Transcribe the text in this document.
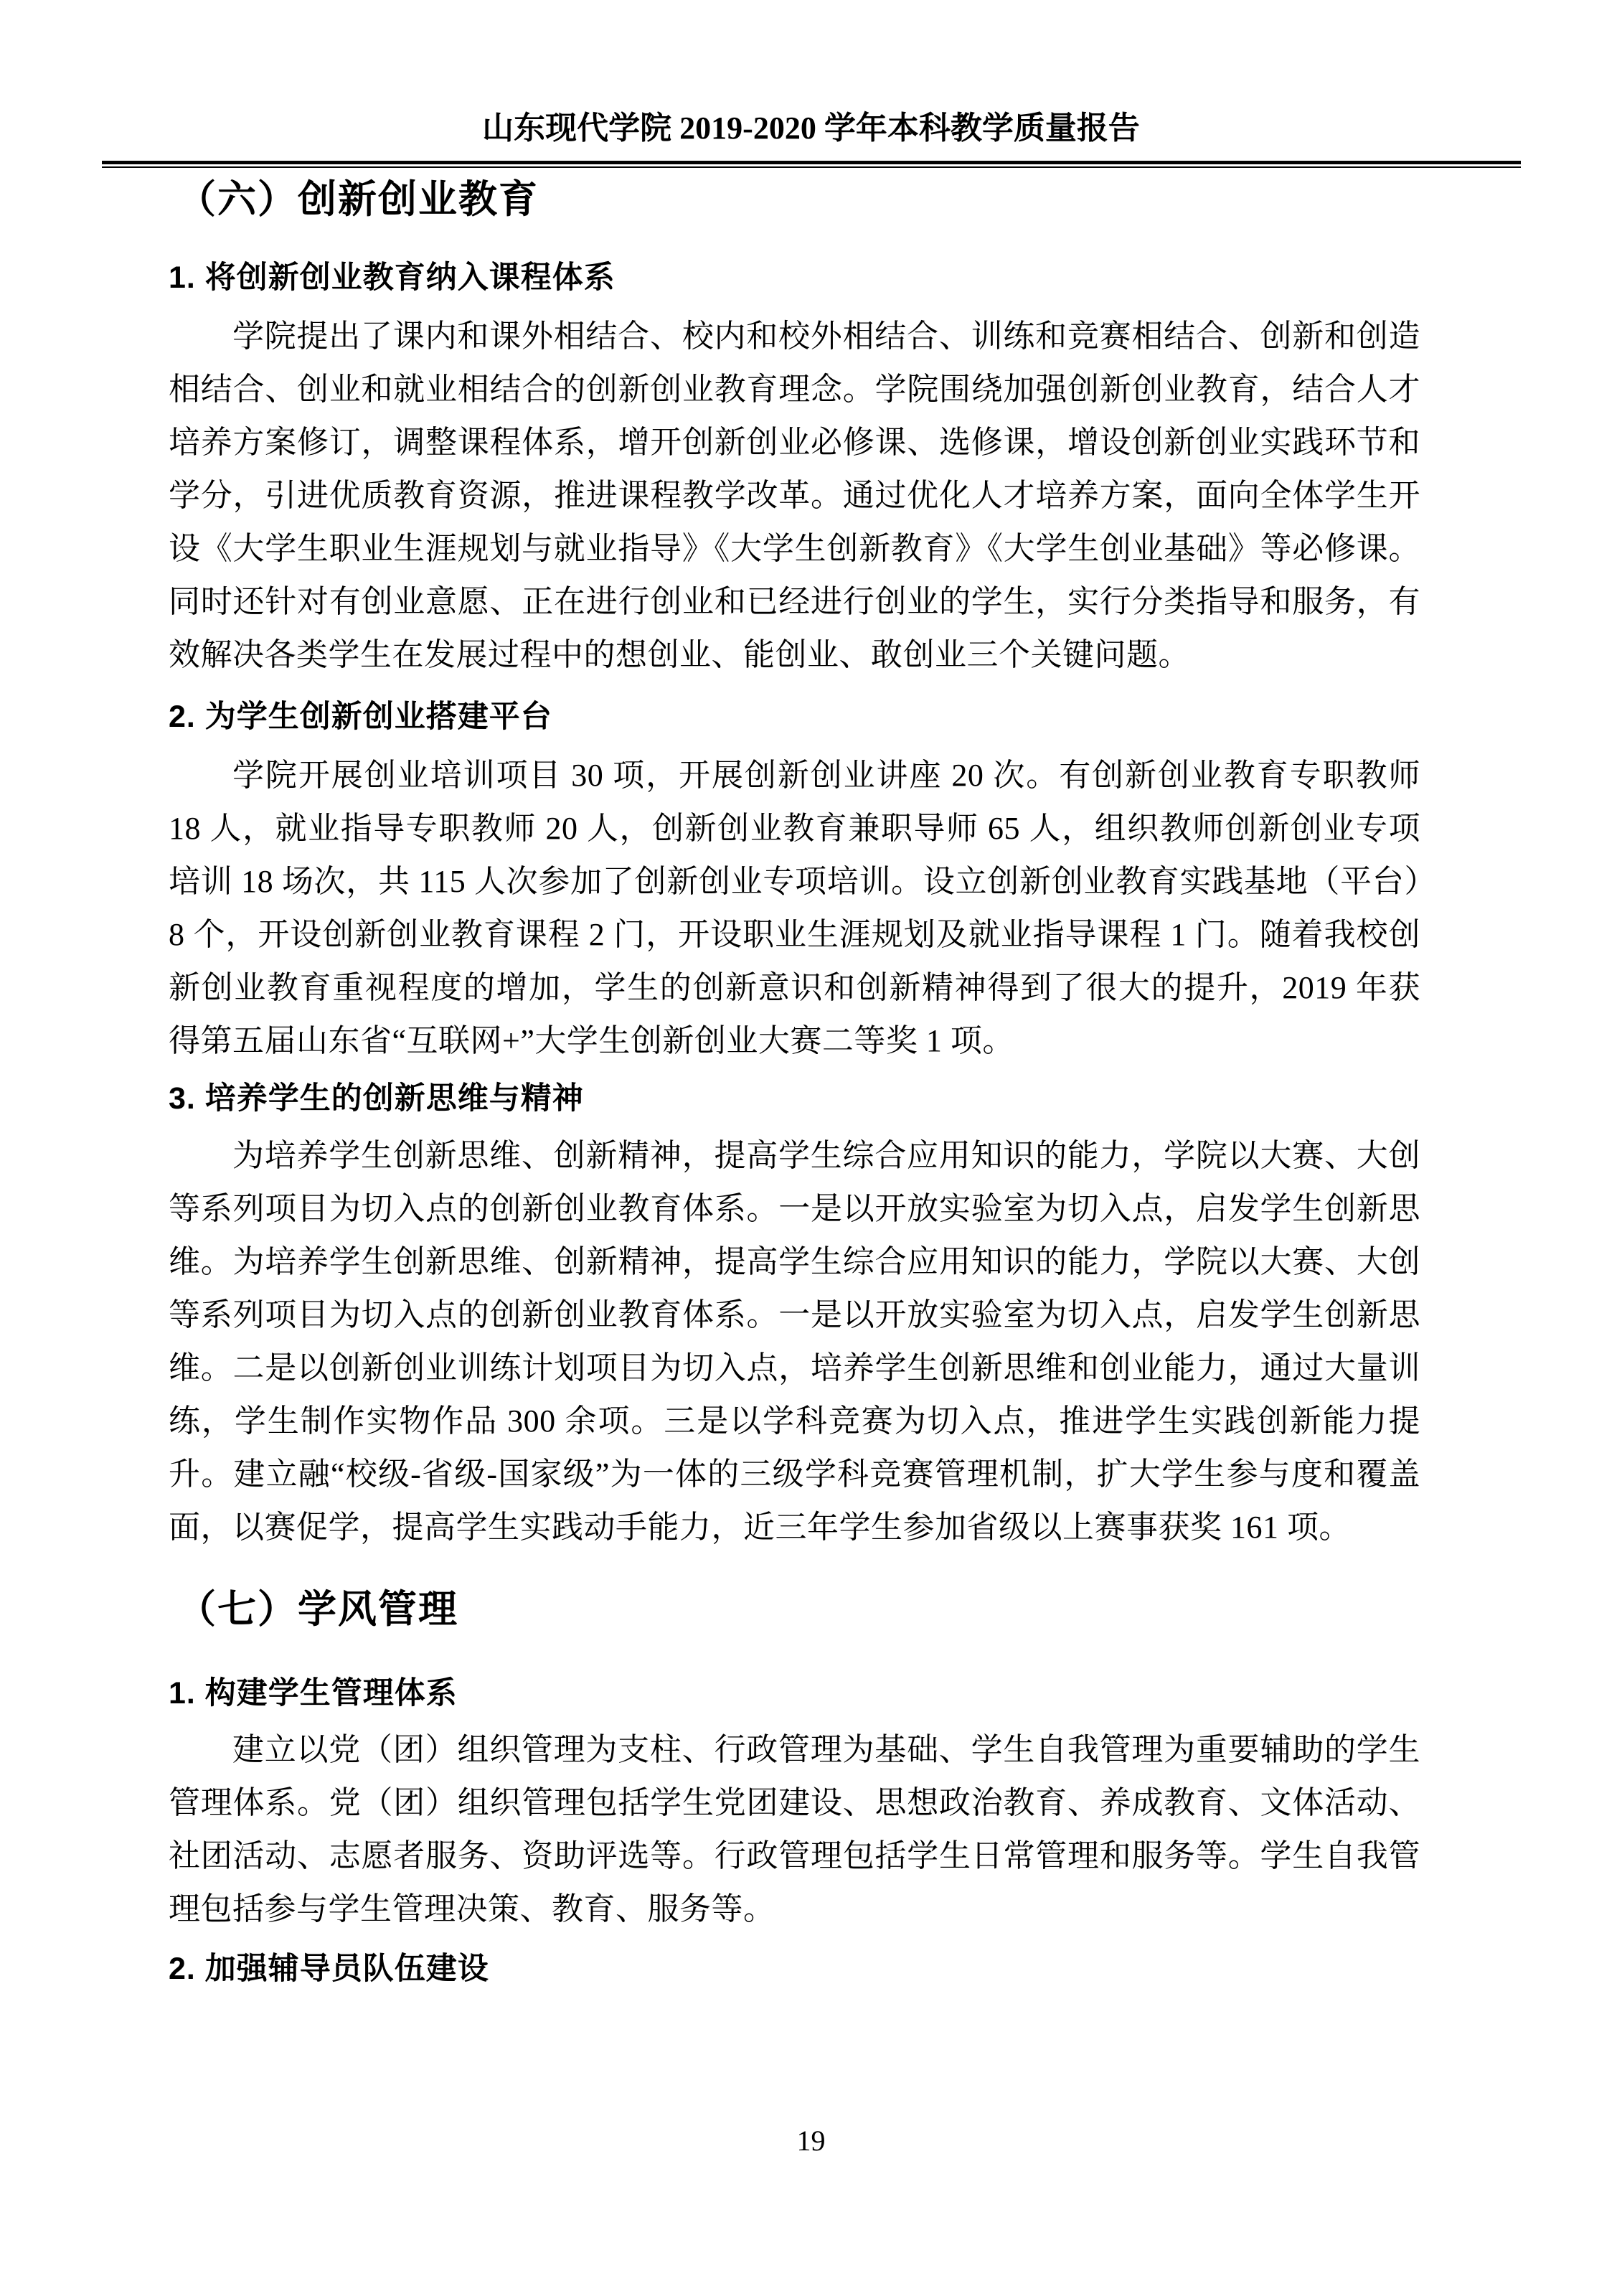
山东现代学院 2019-2020 学年本科教学质量报告
（六）创新创业教育
1. 将创新创业教育纳入课程体系

学院提出了课内和课外相结合、校内和校外相结合、训练和竞赛相结合、创新和创造相结合、创业和就业相结合的创新创业教育理念。学院围绕加强创新创业教育，结合人才培养方案修订，调整课程体系，增开创新创业必修课、选修课，增设创新创业实践环节和学分，引进优质教育资源，推进课程教学改革。通过优化人才培养方案，面向全体学生开设《大学生职业生涯规划与就业指导》《大学生创新教育》《大学生创业基础》等必修课。同时还针对有创业意愿、正在进行创业和已经进行创业的学生，实行分类指导和服务，有效解决各类学生在发展过程中的想创业、能创业、敢创业三个关键问题。

2. 为学生创新创业搭建平台

学院开展创业培训项目 30 项，开展创新创业讲座 20 次。有创新创业教育专职教师 18 人，就业指导专职教师 20 人，创新创业教育兼职导师 65 人，组织教师创新创业专项培训 18 场次，共 115 人次参加了创新创业专项培训。设立创新创业教育实践基地（平台）8 个，开设创新创业教育课程 2 门，开设职业生涯规划及就业指导课程 1 门。随着我校创新创业教育重视程度的增加，学生的创新意识和创新精神得到了很大的提升，2019 年获得第五届山东省“互联网+”大学生创新创业大赛二等奖 1 项。

3. 培养学生的创新思维与精神

为培养学生创新思维、创新精神，提高学生综合应用知识的能力，学院以大赛、大创等系列项目为切入点的创新创业教育体系。一是以开放实验室为切入点，启发学生创新思维。为培养学生创新思维、创新精神，提高学生综合应用知识的能力，学院以大赛、大创等系列项目为切入点的创新创业教育体系。一是以开放实验室为切入点，启发学生创新思维。二是以创新创业训练计划项目为切入点，培养学生创新思维和创业能力，通过大量训练，学生制作实物作品 300 余项。三是以学科竞赛为切入点，推进学生实践创新能力提升。建立融“校级-省级-国家级”为一体的三级学科竞赛管理机制，扩大学生参与度和覆盖面，以赛促学，提高学生实践动手能力，近三年学生参加省级以上赛事获奖 161 项。

（七）学风管理
1. 构建学生管理体系

建立以党（团）组织管理为支柱、行政管理为基础、学生自我管理为重要辅助的学生管理体系。党（团）组织管理包括学生党团建设、思想政治教育、养成教育、文体活动、社团活动、志愿者服务、资助评选等。行政管理包括学生日常管理和服务等。学生自我管理包括参与学生管理决策、教育、服务等。

2. 加强辅导员队伍建设
19
